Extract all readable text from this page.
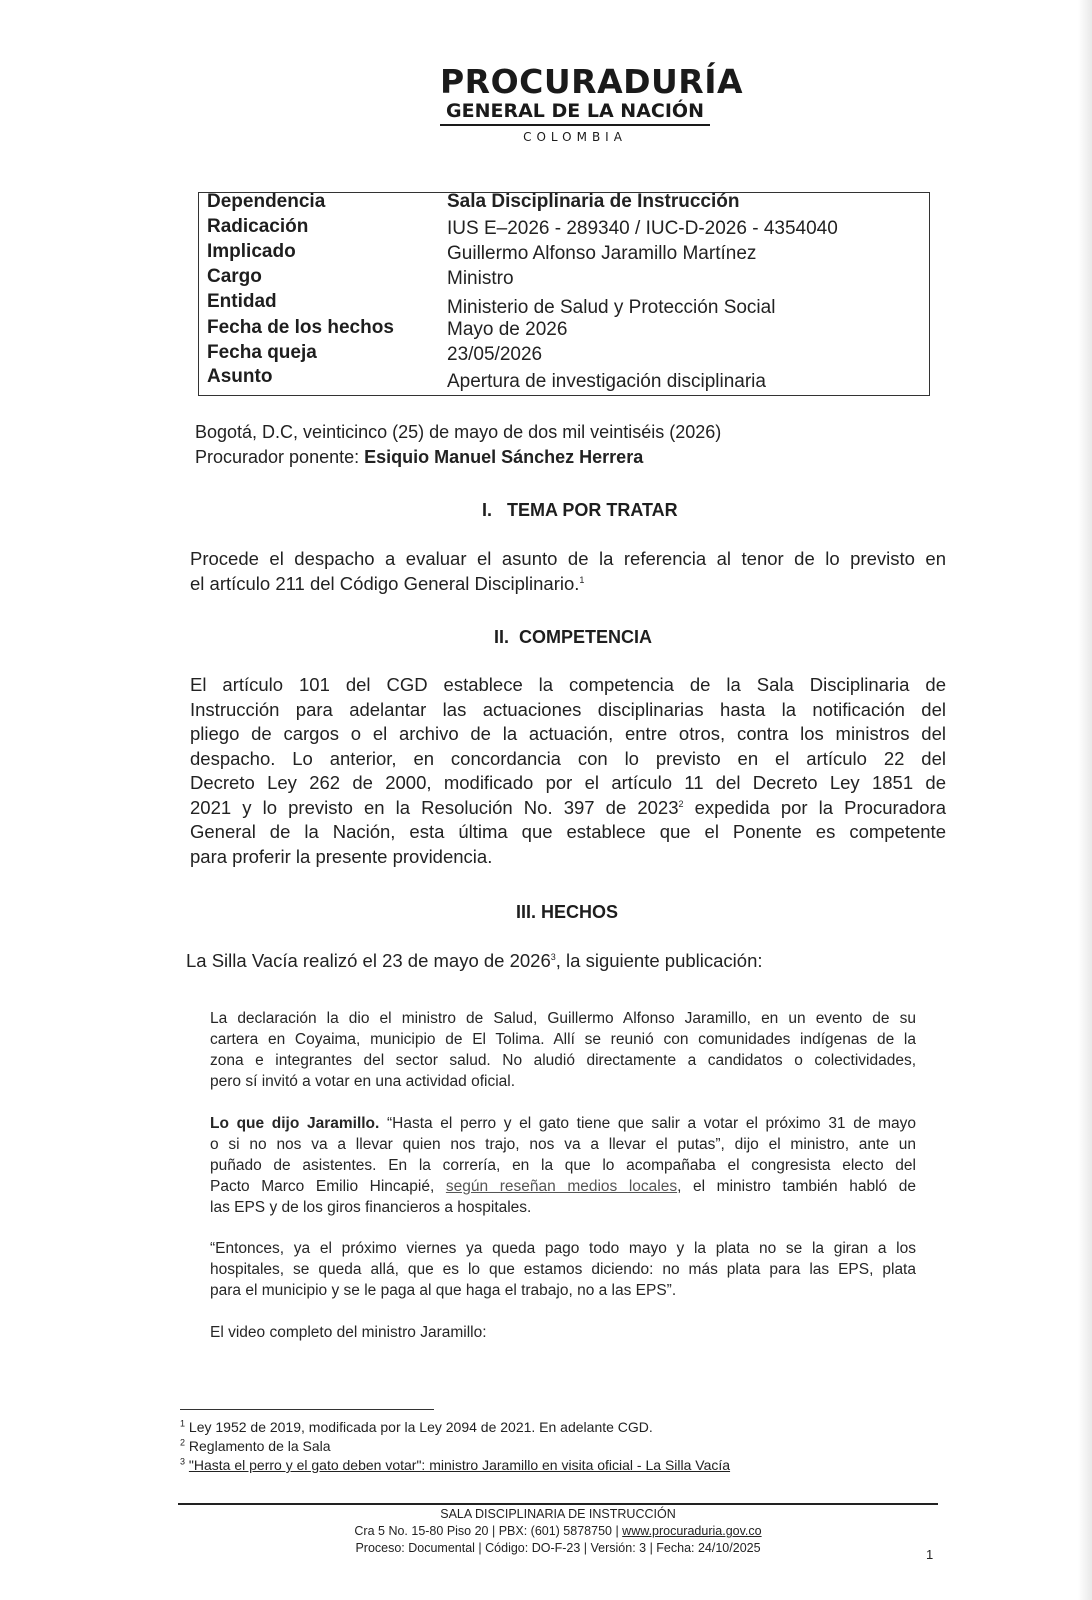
PROCURADURÍA
GENERAL DE LA NACIÓN
COLOMBIA
Dependencia	Sala Disciplinaria de Instrucción
Radicación	IUS E–2026 - 289340 / IUC-D-2026 - 4354040
Implicado	Guillermo Alfonso Jaramillo Martínez
Cargo	Ministro
Entidad	Ministerio de Salud y Protección Social
Fecha de los hechos	Mayo de 2026
Fecha queja	23/05/2026
Asunto	Apertura de investigación disciplinaria
Bogotá, D.C, veinticinco (25) de mayo de dos mil veintiséis (2026)
Procurador ponente: Esiquio Manuel Sánchez Herrera
I.   TEMA POR TRATAR
Procede el despacho a evaluar el asunto de la referencia al tenor de lo previsto en
el artículo 211 del Código General Disciplinario.$^1$
II.  COMPETENCIA
El artículo 101 del CGD establece la competencia de la Sala Disciplinaria de
Instrucción para adelantar las actuaciones disciplinarias hasta la notificación del
pliego de cargos o el archivo de la actuación, entre otros, contra los ministros del
despacho. Lo anterior, en concordancia con lo previsto en el artículo 22 del
Decreto Ley 262 de 2000, modificado por el artículo 11 del Decreto Ley 1851 de
2021 y lo previsto en la Resolución No. 397 de 2023$^2$ expedida por la Procuradora
General de la Nación, esta última que establece que el Ponente es competente
para proferir la presente providencia.
III. HECHOS
La Silla Vacía realizó el 23 de mayo de 2026$^3$, la siguiente publicación:
La declaración la dio el ministro de Salud, Guillermo Alfonso Jaramillo, en un evento de su
cartera en Coyaima, municipio de El Tolima. Allí se reunió con comunidades indígenas de la
zona e integrantes del sector salud. No aludió directamente a candidatos o colectividades,
pero sí invitó a votar en una actividad oficial.
Lo que dijo Jaramillo. “Hasta el perro y el gato tiene que salir a votar el próximo 31 de mayo
o si no nos va a llevar quien nos trajo, nos va a llevar el putas”, dijo el ministro, ante un
puñado de asistentes. En la correría, en la que lo acompañaba el congresista electo del
Pacto Marco Emilio Hincapié, según reseñan medios locales, el ministro también habló de
las EPS y de los giros financieros a hospitales.
“Entonces, ya el próximo viernes ya queda pago todo mayo y la plata no se la giran a los
hospitales, se queda allá, que es lo que estamos diciendo: no más plata para las EPS, plata
para el municipio y se le paga al que haga el trabajo, no a las EPS”.
El video completo del ministro Jaramillo:
$^1$ Ley 1952 de 2019, modificada por la Ley 2094 de 2021. En adelante CGD.
$^2$ Reglamento de la Sala
$^3$ "Hasta el perro y el gato deben votar": ministro Jaramillo en visita oficial - La Silla Vacía
SALA DISCIPLINARIA DE INSTRUCCIÓN
Cra 5 No. 15-80 Piso 20 | PBX: (601) 5878750 | www.procuraduria.gov.co
Proceso: Documental | Código: DO-F-23 | Versión: 3 | Fecha: 24/10/2025	1
